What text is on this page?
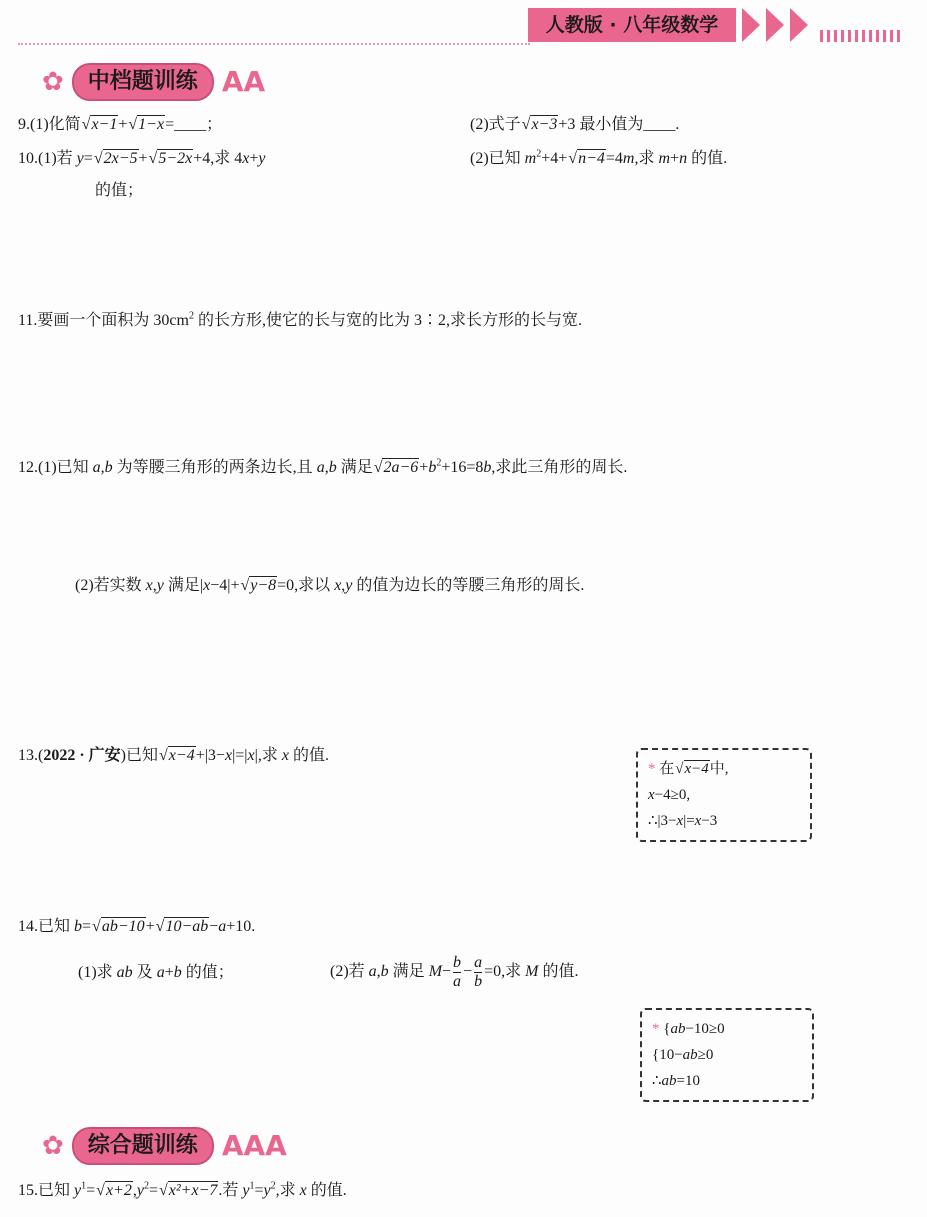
人教版 · 八年级数学
✿	中档题训练 AA
9.(1)化简√x−1+√1−x=____；	(2)式子√x−3+3 最小值为____.
10.(1)若 y=√2x−5+√5−2x+4,求 4x+y
的值；
(2)已知 $m^2+4+√n-4=4m$,求 m+n 的值.
11.要画一个面积为 $30cm^2$ 的长方形,使它的长与宽的比为 3∶2,求长方形的长与宽.
12.(1)已知 a,b 为等腰三角形的两条边长,且 a,b 满足$√2a-6+b^2+16=8b$,求此三角形的周长.
(2)若实数 x,y 满足|x−4|+√y−8=0,求以 x,y 的值为边长的等腰三角形的周长.
13.(2022 · 广安)已知√x−4+|3−x|=|x|,求 x 的值.
* 在√x−4中,
x−4≥0,
∴|3−x|=x−3
14.已知 b=√ab−10+√10−ab−a+10.
(1)求 ab 及 a+b 的值；	(2)若 a,b 满足 $M- \frac{b}{a} - \frac{a}{b} =0$,求 M 的值.
* {ab−10≥0
{10−ab≥0
∴ab=10
✿	综合题训练 AAA
15.已知 $y^1=√x+2,y^2=√x^2+x-7$.若 $y^1=y^2$,求 x 的值.
